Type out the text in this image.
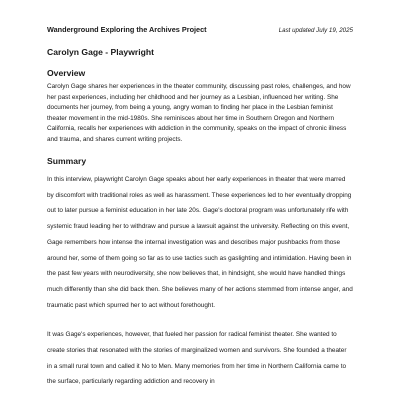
Wanderground Exploring the Archives Project	Last updated July 19, 2025
Carolyn Gage - Playwright
Overview

Carolyn Gage shares her experiences in the theater community, discussing past roles, challenges, and how her past experiences, including her childhood and her journey as a Lesbian, influenced her writing. She documents her journey, from being a young, angry woman to finding her place in the Lesbian feminist theater movement in the mid-1980s. She reminisces about her time in Southern Oregon and Northern California, recalls her experiences with addiction in the community, speaks on the impact of chronic illness and trauma, and shares current writing projects.

Summary

In this interview, playwright Carolyn Gage speaks about her early experiences in theater that were marred by discomfort with traditional roles as well as harassment. These experiences led to her eventually dropping out to later pursue a feminist education in her late 20s. Gage's doctoral program was unfortunately rife with systemic fraud leading her to withdraw and pursue a lawsuit against the university. Reflecting on this event, Gage remembers how intense the internal investigation was and describes major pushbacks from those around her, some of them going so far as to use tactics such as gaslighting and intimidation. Having been in the past few years with neurodiversity, she now believes that, in hindsight, she would have handled things much differently than she did back then. She believes many of her actions stemmed from intense anger, and traumatic past which spurred her to act without forethought.

It was Gage's experiences, however, that fueled her passion for radical feminist theater. She wanted to create stories that resonated with the stories of marginalized women and survivors. She founded a theater in a small rural town and called it No to Men. Many memories from her time in Northern California came to the surface, particularly regarding addiction and recovery in
